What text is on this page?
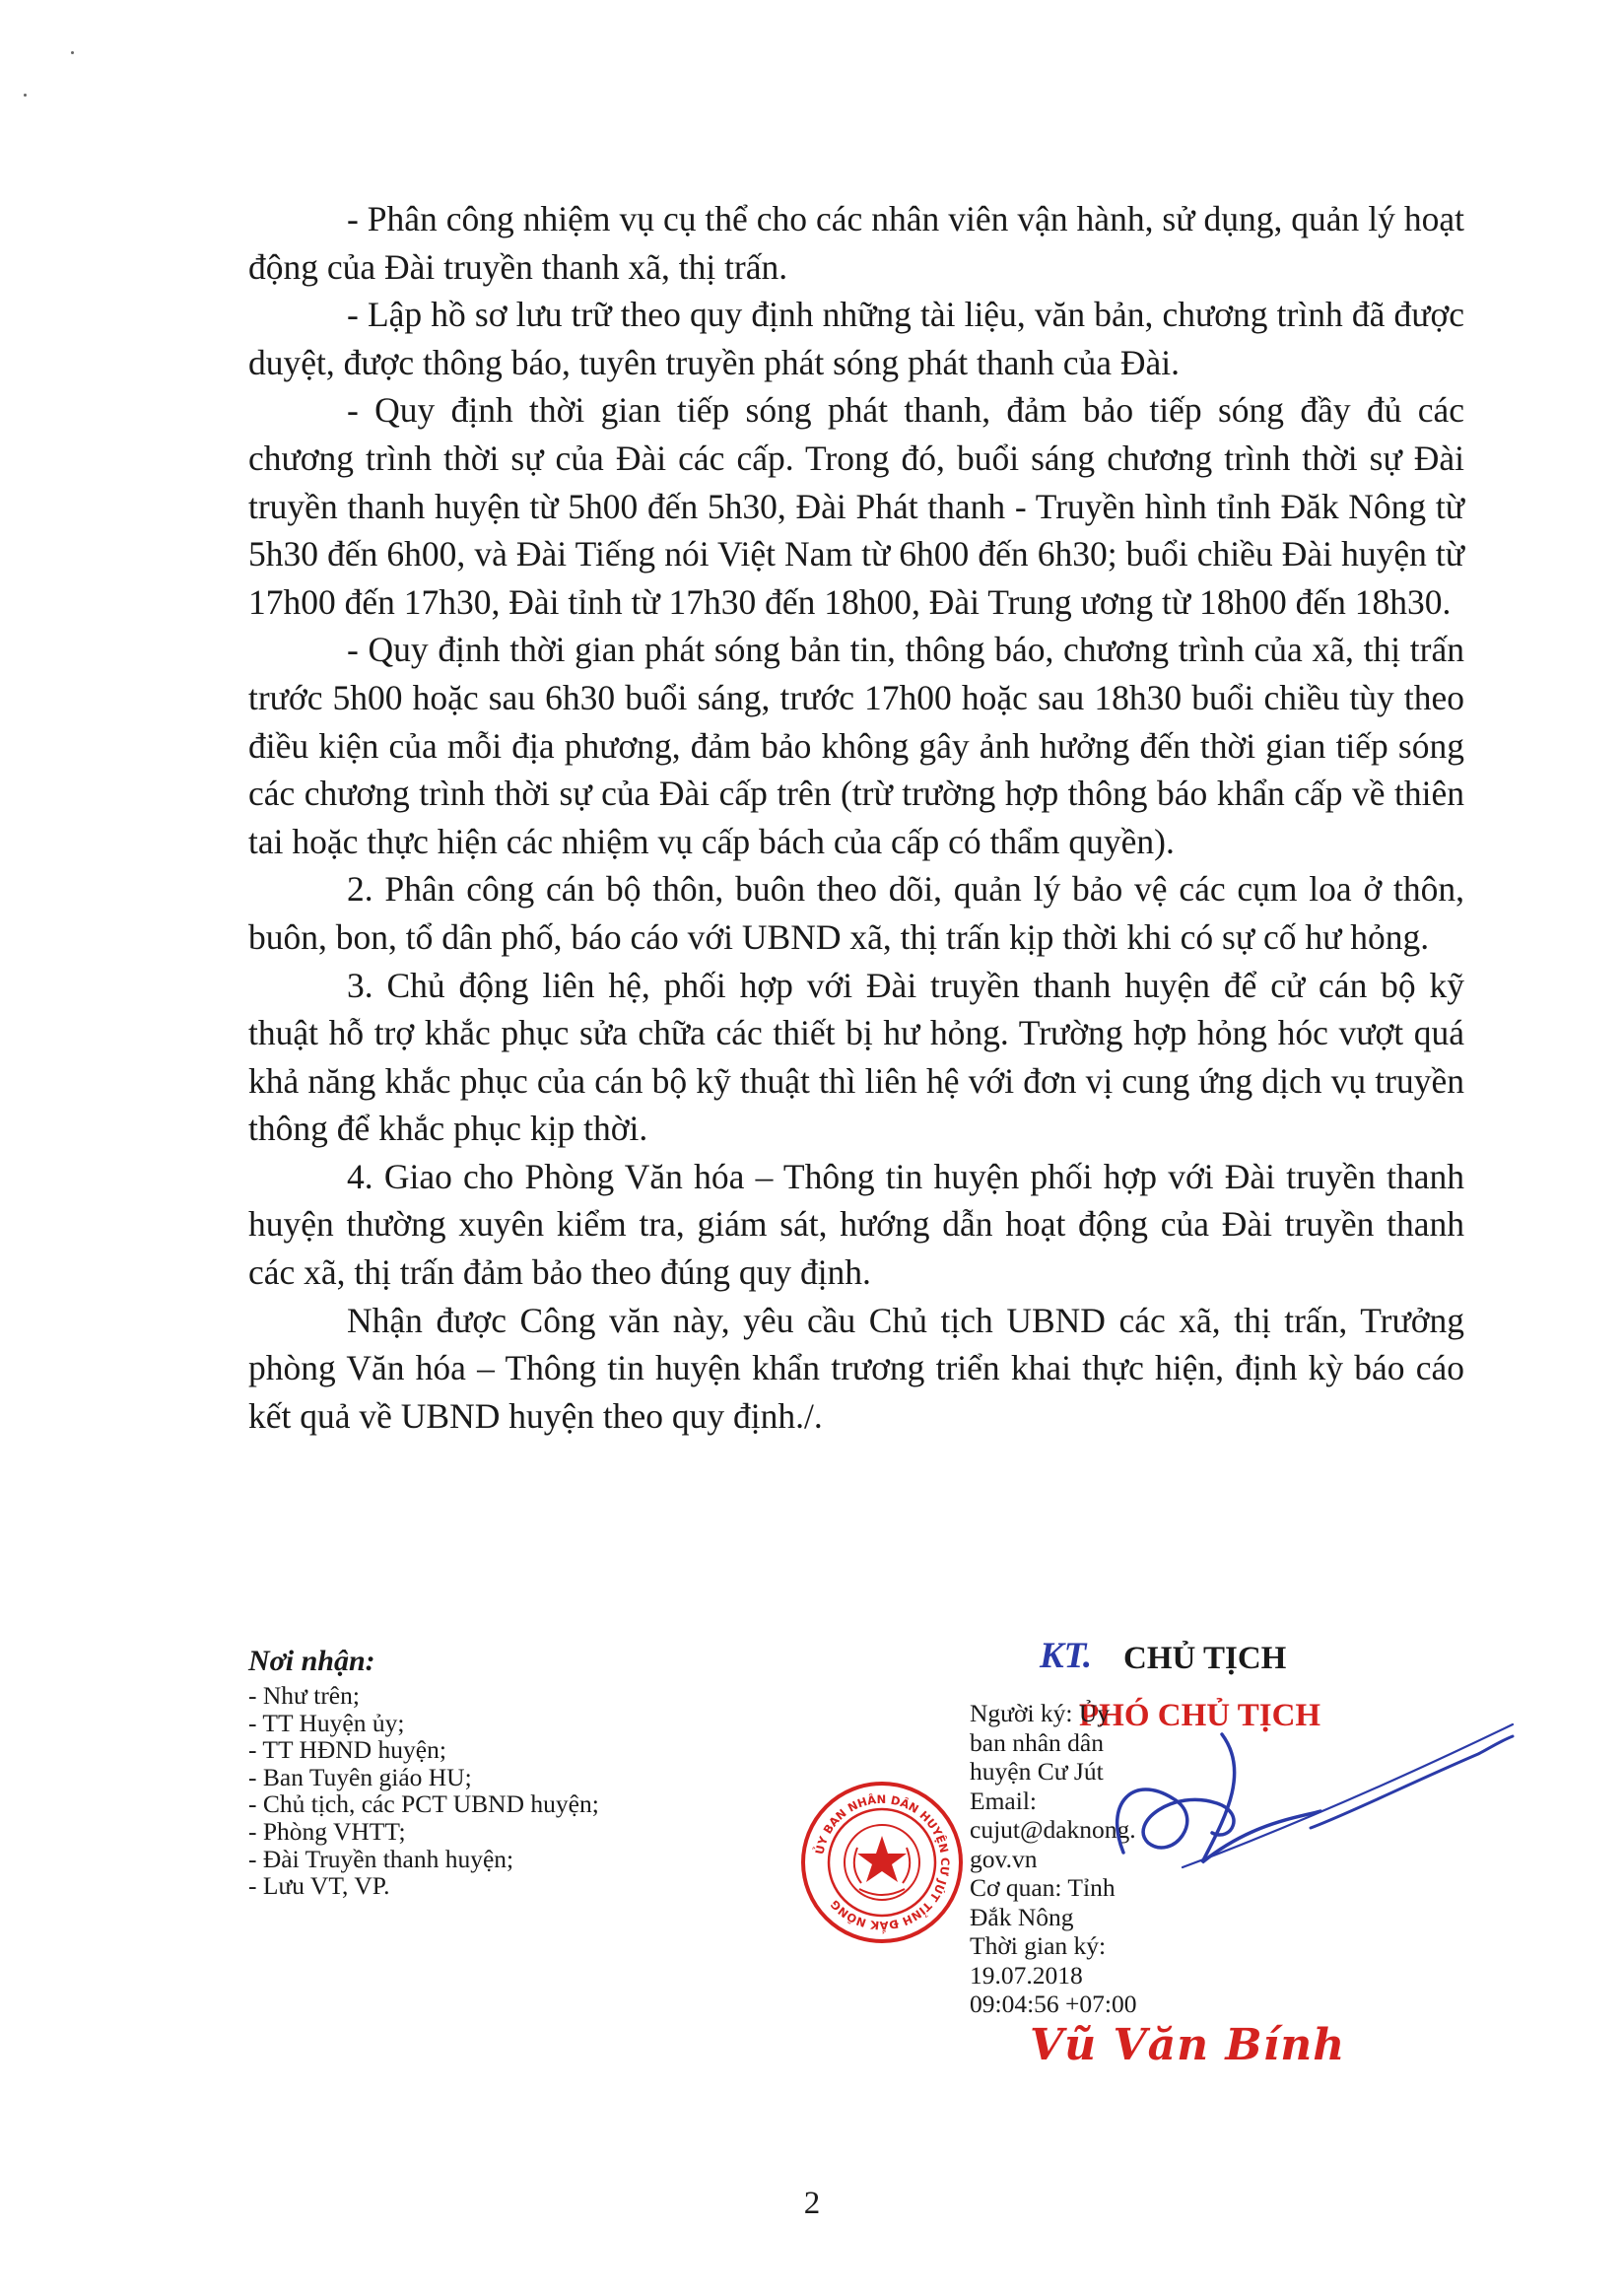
- Phân công nhiệm vụ cụ thể cho các nhân viên vận hành, sử dụng, quản lý hoạt động của Đài truyền thanh xã, thị trấn.

- Lập hồ sơ lưu trữ theo quy định những tài liệu, văn bản, chương trình đã được duyệt, được thông báo, tuyên truyền phát sóng phát thanh của Đài.

- Quy định thời gian tiếp sóng phát thanh, đảm bảo tiếp sóng đầy đủ các chương trình thời sự của Đài các cấp. Trong đó, buổi sáng chương trình thời sự Đài truyền thanh huyện từ 5h00 đến 5h30, Đài Phát thanh - Truyền hình tỉnh Đăk Nông từ 5h30 đến 6h00, và Đài Tiếng nói Việt Nam từ 6h00 đến 6h30; buổi chiều Đài huyện từ 17h00 đến 17h30, Đài tỉnh từ 17h30 đến 18h00, Đài Trung ương từ 18h00 đến 18h30.

- Quy định thời gian phát sóng bản tin, thông báo, chương trình của xã, thị trấn trước 5h00 hoặc sau 6h30 buổi sáng, trước 17h00 hoặc sau 18h30 buổi chiều tùy theo điều kiện của mỗi địa phương, đảm bảo không gây ảnh hưởng đến thời gian tiếp sóng các chương trình thời sự của Đài cấp trên (trừ trường hợp thông báo khẩn cấp về thiên tai hoặc thực hiện các nhiệm vụ cấp bách của cấp có thẩm quyền).

2. Phân công cán bộ thôn, buôn theo dõi, quản lý bảo vệ các cụm loa ở thôn, buôn, bon, tổ dân phố, báo cáo với UBND xã, thị trấn kịp thời khi có sự cố hư hỏng.

3. Chủ động liên hệ, phối hợp với Đài truyền thanh huyện để cử cán bộ kỹ thuật hỗ trợ khắc phục sửa chữa các thiết bị hư hỏng. Trường hợp hỏng hóc vượt quá khả năng khắc phục của cán bộ kỹ thuật thì liên hệ với đơn vị cung ứng dịch vụ truyền thông để khắc phục kịp thời.

4. Giao cho Phòng Văn hóa – Thông tin huyện phối hợp với Đài truyền thanh huyện thường xuyên kiểm tra, giám sát, hướng dẫn hoạt động của Đài truyền thanh các xã, thị trấn đảm bảo theo đúng quy định.

Nhận được Công văn này, yêu cầu Chủ tịch UBND các xã, thị trấn, Trưởng phòng Văn hóa – Thông tin huyện khẩn trương triển khai thực hiện, định kỳ báo cáo kết quả về UBND huyện theo quy định./.

Nơi nhận:
- Như trên;
- TT Huyện ủy;
- TT HĐND huyện;
- Ban Tuyên giáo HU;
- Chủ tịch, các PCT UBND huyện;
- Phòng VHTT;
- Đài Truyền thanh huyện;
- Lưu VT, VP.
ỦY BAN NHÂN DÂN HUYỆN CƯ JÚT TỈNH ĐẮK NÔNG
KT. CHỦ TỊCH
PHÓ CHỦ TỊCH
Người ký: Ủy
ban nhân dân
huyện Cư Jút
Email:
cujut@daknong.
gov.vn
Cơ quan: Tỉnh
Đắk Nông
Thời gian ký:
19.07.2018
09:04:56 +07:00
Vũ Văn Bính
2
